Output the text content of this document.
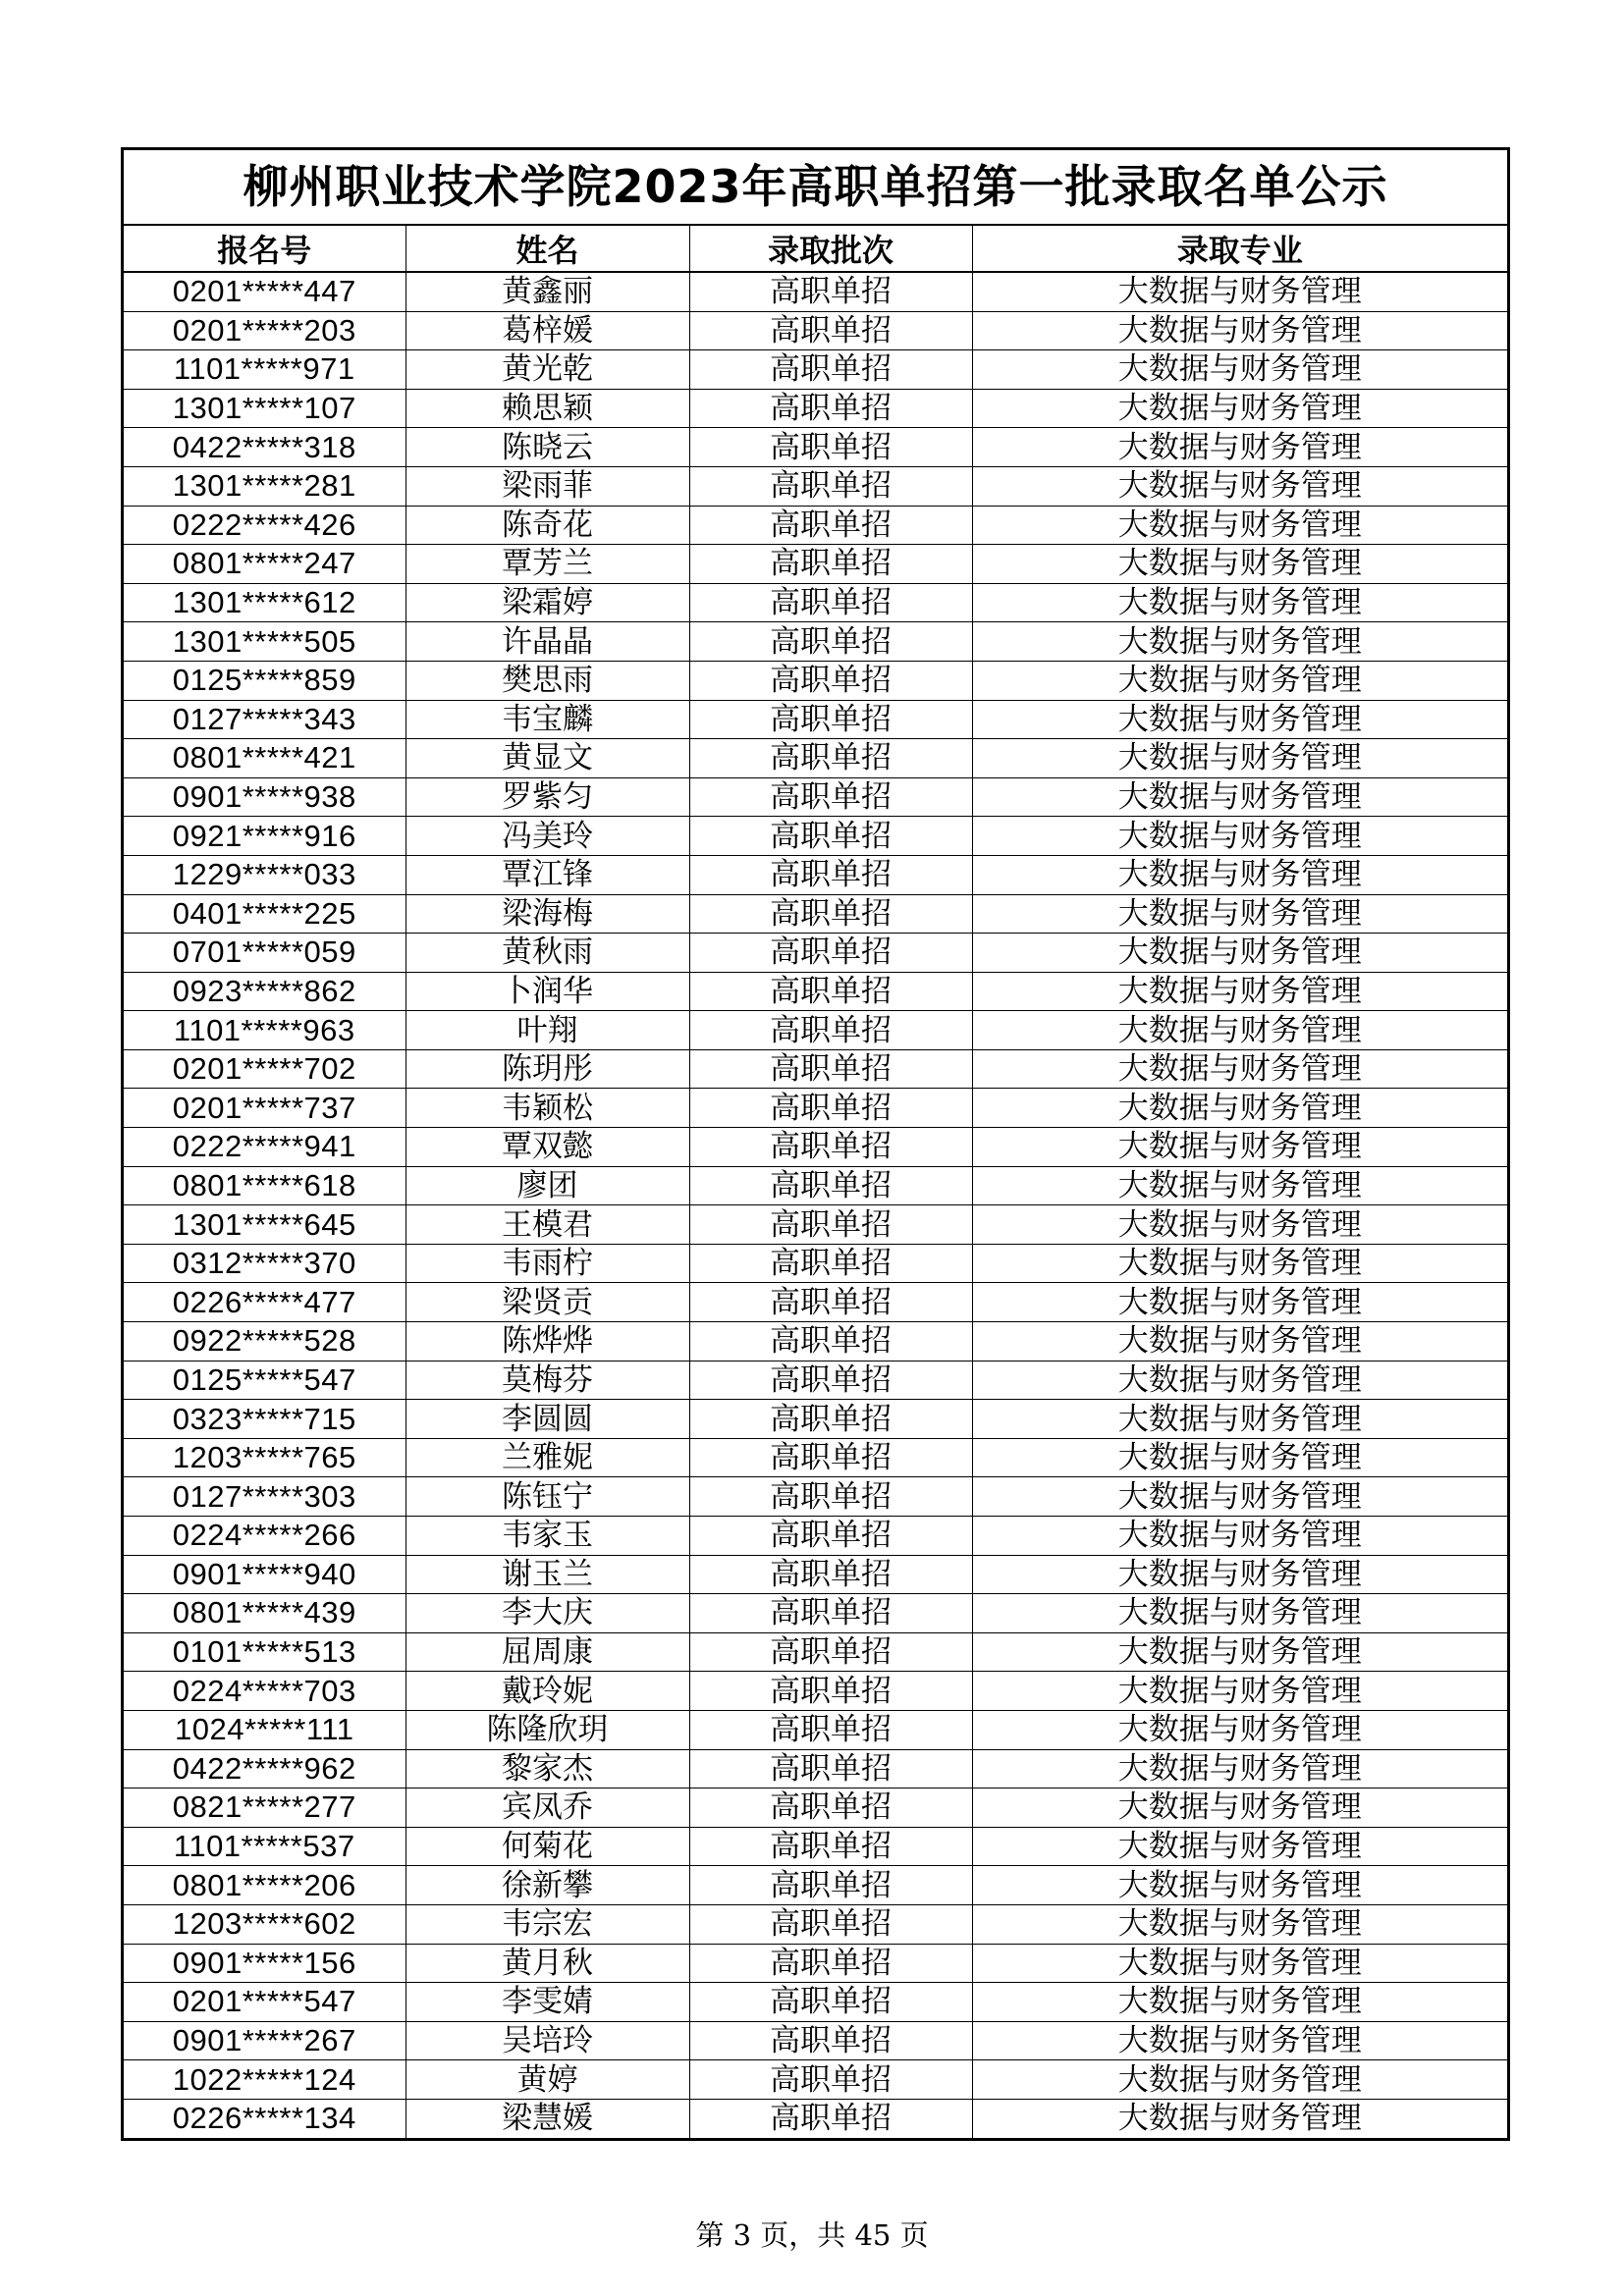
柳州职业技术学院2023年高职单招第一批录取名单公示
报名号	姓名	录取批次	录取专业
0201*****447	黄鑫丽	高职单招	大数据与财务管理
0201*****203	葛梓媛	高职单招	大数据与财务管理
1101*****971	黄光乾	高职单招	大数据与财务管理
1301*****107	赖思颖	高职单招	大数据与财务管理
0422*****318	陈晓云	高职单招	大数据与财务管理
1301*****281	梁雨菲	高职单招	大数据与财务管理
0222*****426	陈奇花	高职单招	大数据与财务管理
0801*****247	覃芳兰	高职单招	大数据与财务管理
1301*****612	梁霜婷	高职单招	大数据与财务管理
1301*****505	许晶晶	高职单招	大数据与财务管理
0125*****859	樊思雨	高职单招	大数据与财务管理
0127*****343	韦宝麟	高职单招	大数据与财务管理
0801*****421	黄显文	高职单招	大数据与财务管理
0901*****938	罗紫匀	高职单招	大数据与财务管理
0921*****916	冯美玲	高职单招	大数据与财务管理
1229*****033	覃江锋	高职单招	大数据与财务管理
0401*****225	梁海梅	高职单招	大数据与财务管理
0701*****059	黄秋雨	高职单招	大数据与财务管理
0923*****862	卜润华	高职单招	大数据与财务管理
1101*****963	叶翔	高职单招	大数据与财务管理
0201*****702	陈玥彤	高职单招	大数据与财务管理
0201*****737	韦颖松	高职单招	大数据与财务管理
0222*****941	覃双懿	高职单招	大数据与财务管理
0801*****618	廖团	高职单招	大数据与财务管理
1301*****645	王模君	高职单招	大数据与财务管理
0312*****370	韦雨柠	高职单招	大数据与财务管理
0226*****477	梁贤贡	高职单招	大数据与财务管理
0922*****528	陈烨烨	高职单招	大数据与财务管理
0125*****547	莫梅芬	高职单招	大数据与财务管理
0323*****715	李圆圆	高职单招	大数据与财务管理
1203*****765	兰雅妮	高职单招	大数据与财务管理
0127*****303	陈钰宁	高职单招	大数据与财务管理
0224*****266	韦家玉	高职单招	大数据与财务管理
0901*****940	谢玉兰	高职单招	大数据与财务管理
0801*****439	李大庆	高职单招	大数据与财务管理
0101*****513	屈周康	高职单招	大数据与财务管理
0224*****703	戴玲妮	高职单招	大数据与财务管理
1024*****111	陈隆欣玥	高职单招	大数据与财务管理
0422*****962	黎家杰	高职单招	大数据与财务管理
0821*****277	宾凤乔	高职单招	大数据与财务管理
1101*****537	何菊花	高职单招	大数据与财务管理
0801*****206	徐新攀	高职单招	大数据与财务管理
1203*****602	韦宗宏	高职单招	大数据与财务管理
0901*****156	黄月秋	高职单招	大数据与财务管理
0201*****547	李雯婧	高职单招	大数据与财务管理
0901*****267	吴培玲	高职单招	大数据与财务管理
1022*****124	黄婷	高职单招	大数据与财务管理
0226*****134	梁慧媛	高职单招	大数据与财务管理
第 3 页，共 45 页
